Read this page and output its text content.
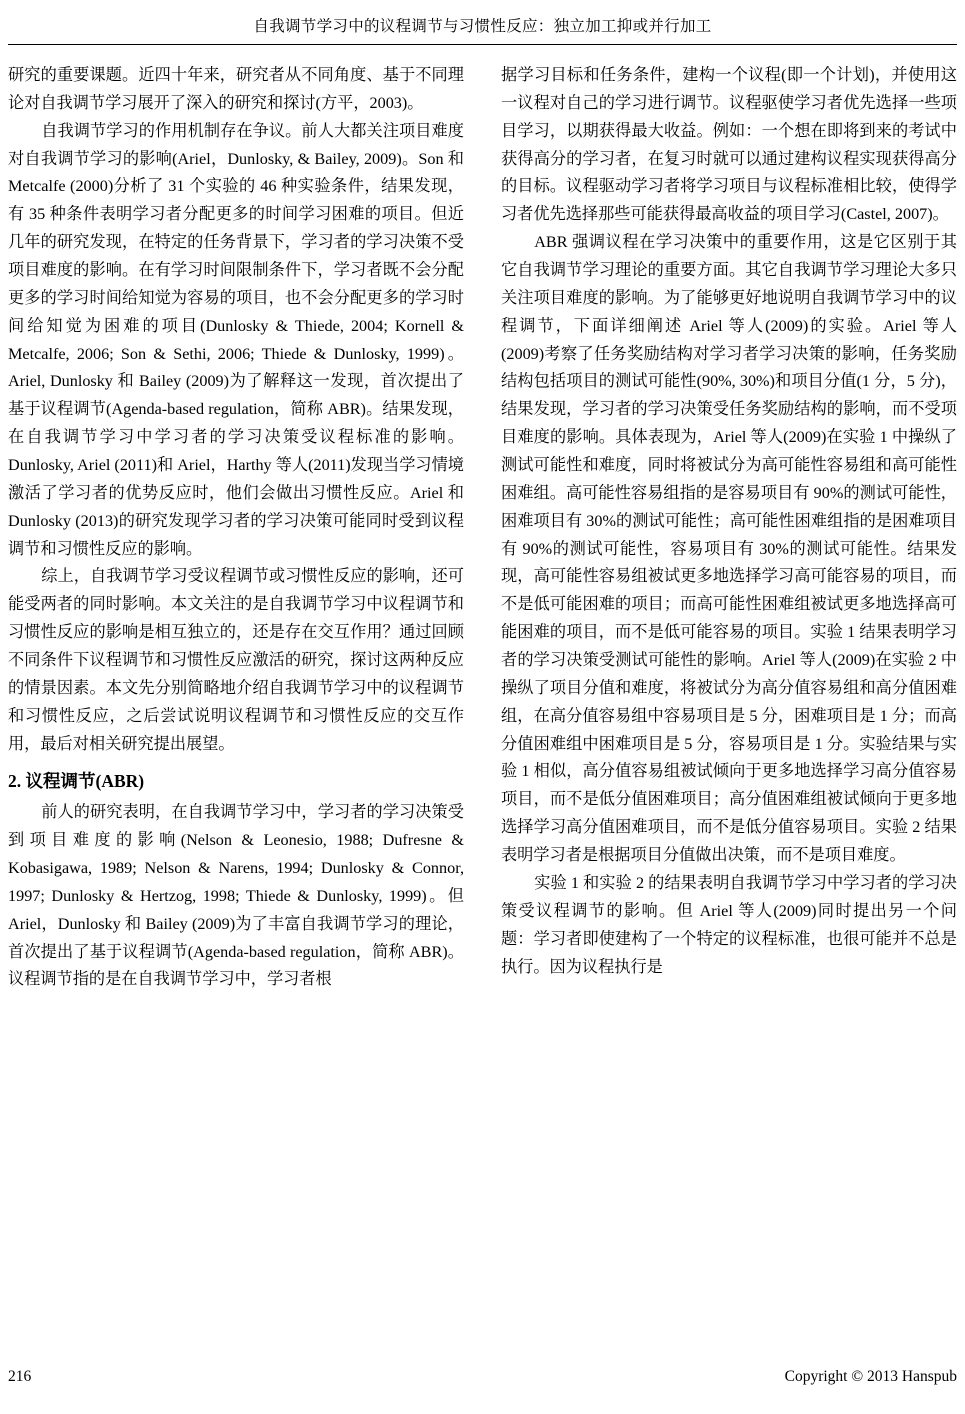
自我调节学习中的议程调节与习惯性反应：独立加工抑或并行加工

研究的重要课题。近四十年来，研究者从不同角度、基于不同理论对自我调节学习展开了深入的研究和探讨(方平，2003)。

自我调节学习的作用机制存在争议。前人大都关注项目难度对自我调节学习的影响(Ariel，Dunlosky, & Bailey, 2009)。Son 和 Metcalfe (2000)分析了 31 个实验的 46 种实验条件，结果发现，有 35 种条件表明学习者分配更多的时间学习困难的项目。但近几年的研究发现，在特定的任务背景下，学习者的学习决策不受项目难度的影响。在有学习时间限制条件下，学习者既不会分配更多的学习时间给知觉为容易的项目，也不会分配更多的学习时间给知觉为困难的项目(Dunlosky & Thiede, 2004; Kornell & Metcalfe, 2006; Son & Sethi, 2006; Thiede & Dunlosky, 1999)。Ariel, Dunlosky 和 Bailey (2009)为了解释这一发现，首次提出了基于议程调节(Agenda-based regulation，简称 ABR)。结果发现，在自我调节学习中学习者的学习决策受议程标准的影响。Dunlosky, Ariel (2011)和 Ariel，Harthy 等人(2011)发现当学习情境激活了学习者的优势反应时，他们会做出习惯性反应。Ariel 和 Dunlosky (2013)的研究发现学习者的学习决策可能同时受到议程调节和习惯性反应的影响。

综上，自我调节学习受议程调节或习惯性反应的影响，还可能受两者的同时影响。本文关注的是自我调节学习中议程调节和习惯性反应的影响是相互独立的，还是存在交互作用？通过回顾不同条件下议程调节和习惯性反应激活的研究，探讨这两种反应的情景因素。本文先分别简略地介绍自我调节学习中的议程调节和习惯性反应，之后尝试说明议程调节和习惯性反应的交互作用，最后对相关研究提出展望。

2. 议程调节(ABR)

前人的研究表明，在自我调节学习中，学习者的学习决策受到项目难度的影响(Nelson & Leonesio, 1988; Dufresne & Kobasigawa, 1989; Nelson & Narens, 1994; Dunlosky & Connor, 1997; Dunlosky & Hertzog, 1998; Thiede & Dunlosky, 1999)。但 Ariel，Dunlosky 和 Bailey (2009)为了丰富自我调节学习的理论，首次提出了基于议程调节(Agenda-based regulation，简称 ABR)。议程调节指的是在自我调节学习中，学习者根

据学习目标和任务条件，建构一个议程(即一个计划)，并使用这一议程对自己的学习进行调节。议程驱使学习者优先选择一些项目学习，以期获得最大收益。例如：一个想在即将到来的考试中获得高分的学习者，在复习时就可以通过建构议程实现获得高分的目标。议程驱动学习者将学习项目与议程标准相比较，使得学习者优先选择那些可能获得最高收益的项目学习(Castel, 2007)。

ABR 强调议程在学习决策中的重要作用，这是它区别于其它自我调节学习理论的重要方面。其它自我调节学习理论大多只关注项目难度的影响。为了能够更好地说明自我调节学习中的议程调节，下面详细阐述 Ariel 等人(2009)的实验。Ariel 等人(2009)考察了任务奖励结构对学习者学习决策的影响，任务奖励结构包括项目的测试可能性(90%, 30%)和项目分值(1 分，5 分)，结果发现，学习者的学习决策受任务奖励结构的影响，而不受项目难度的影响。具体表现为，Ariel 等人(2009)在实验 1 中操纵了测试可能性和难度，同时将被试分为高可能性容易组和高可能性困难组。高可能性容易组指的是容易项目有 90%的测试可能性，困难项目有 30%的测试可能性；高可能性困难组指的是困难项目有 90%的测试可能性，容易项目有 30%的测试可能性。结果发现，高可能性容易组被试更多地选择学习高可能容易的项目，而不是低可能困难的项目；而高可能性困难组被试更多地选择高可能困难的项目，而不是低可能容易的项目。实验 1 结果表明学习者的学习决策受测试可能性的影响。Ariel 等人(2009)在实验 2 中操纵了项目分值和难度，将被试分为高分值容易组和高分值困难组，在高分值容易组中容易项目是 5 分，困难项目是 1 分；而高分值困难组中困难项目是 5 分，容易项目是 1 分。实验结果与实验 1 相似，高分值容易组被试倾向于更多地选择学习高分值容易项目，而不是低分值困难项目；高分值困难组被试倾向于更多地选择学习高分值困难项目，而不是低分值容易项目。实验 2 结果表明学习者是根据项目分值做出决策，而不是项目难度。

实验 1 和实验 2 的结果表明自我调节学习中学习者的学习决策受议程调节的影响。但 Ariel 等人(2009)同时提出另一个问题：学习者即使建构了一个特定的议程标准，也很可能并不总是执行。因为议程执行是

216	Copyright © 2013 Hanspub
